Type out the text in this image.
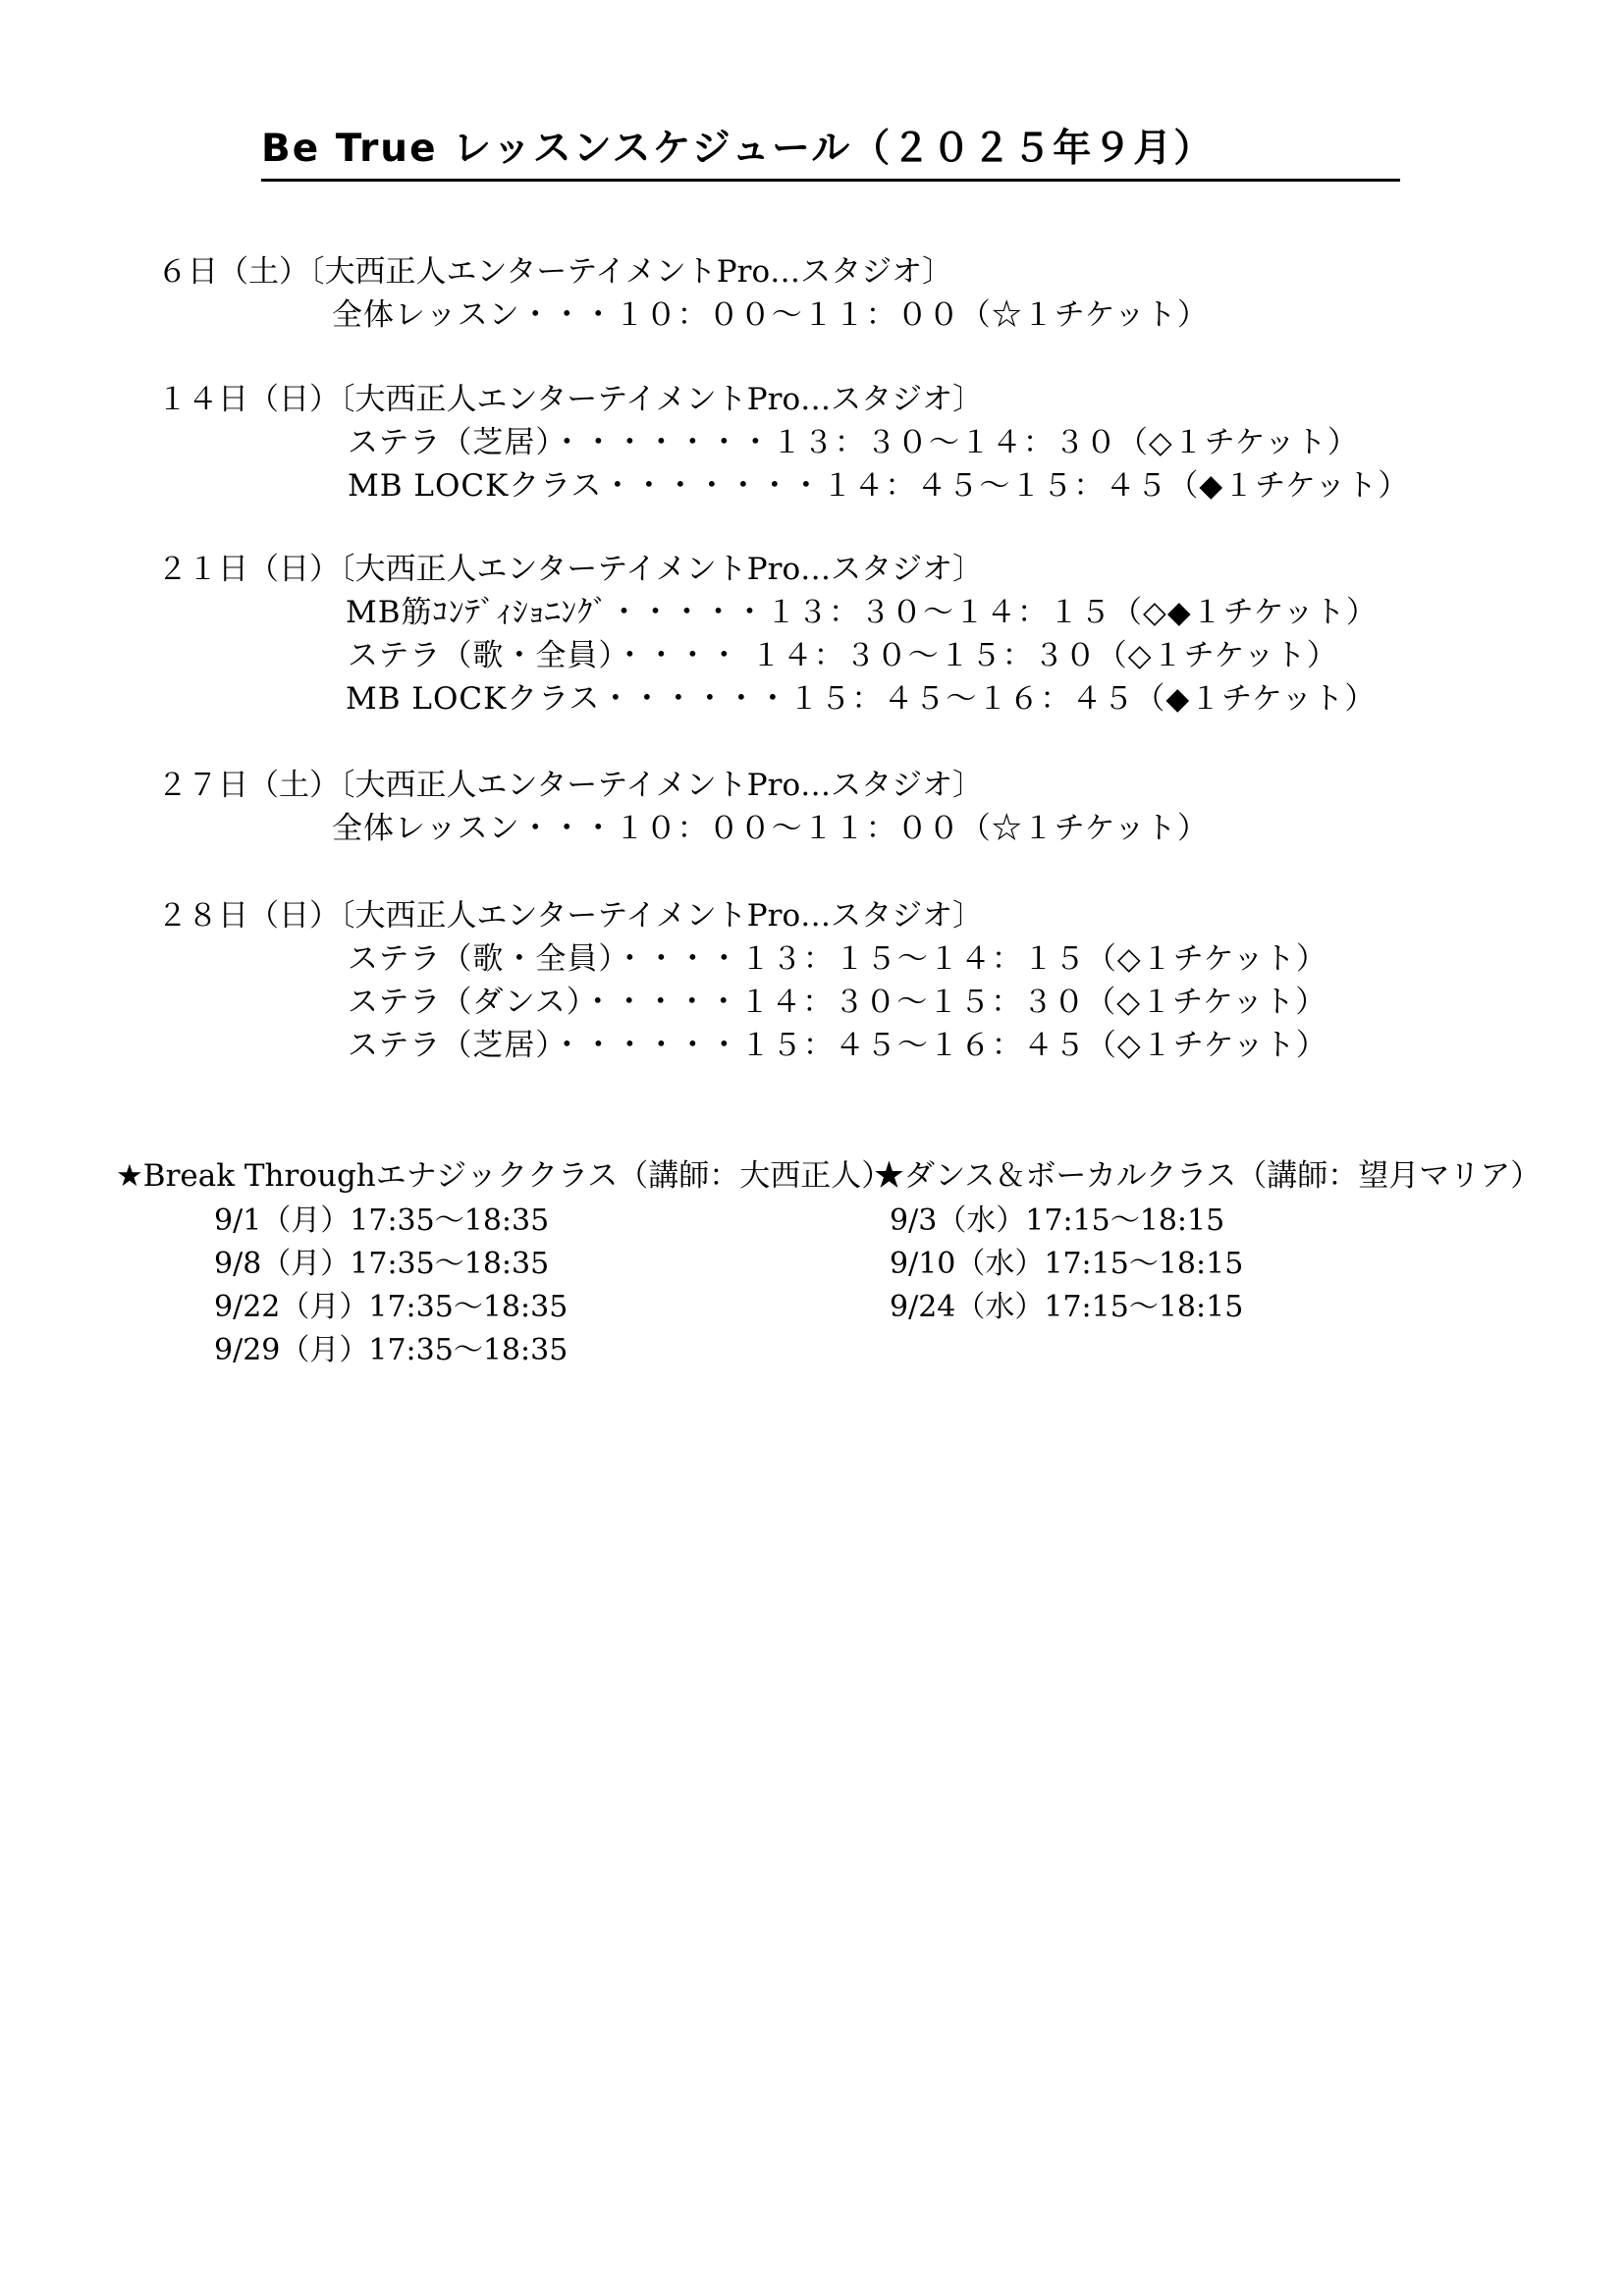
Be True レッスンスケジュール（２０２５年９月）
６日（土）〔大西正人エンターテイメントPro…スタジオ〕
全体レッスン・・・１０：００～１１：００（☆１チケット）
１４日（日）〔大西正人エンターテイメントPro…スタジオ〕
ステラ（芝居）・・・・・・・１３：３０～１４：３０（◇１チケット）
MB LOCKクラス・・・・・・・１４：４５～１５：４５（◆１チケット）
２１日（日）〔大西正人エンターテイメントPro…スタジオ〕
MB筋ｺﾝﾃﾞｨｼｮﾆﾝｸﾞ・・・・・１３：３０～１４：１５（◇◆１チケット）
ステラ（歌・全員）・・・・ １４：３０～１５：３０（◇１チケット）
MB LOCKクラス・・・・・・１５：４５～１６：４５（◆１チケット）
２７日（土）〔大西正人エンターテイメントPro…スタジオ〕
全体レッスン・・・１０：００～１１：００（☆１チケット）
２８日（日）〔大西正人エンターテイメントPro…スタジオ〕
ステラ（歌・全員）・・・・１３：１５～１４：１５（◇１チケット）
ステラ（ダンス）・・・・・１４：３０～１５：３０（◇１チケット）
ステラ（芝居）・・・・・・１５：４５～１６：４５（◇１チケット）
★Break Throughエナジッククラス（講師：大西正人）
★ダンス＆ボーカルクラス（講師：望月マリア）
9/1（月）17:35～18:35
9/8（月）17:35～18:35
9/22（月）17:35～18:35
9/29（月）17:35～18:35
9/3（水）17:15～18:15
9/10（水）17:15～18:15
9/24（水）17:15～18:15
